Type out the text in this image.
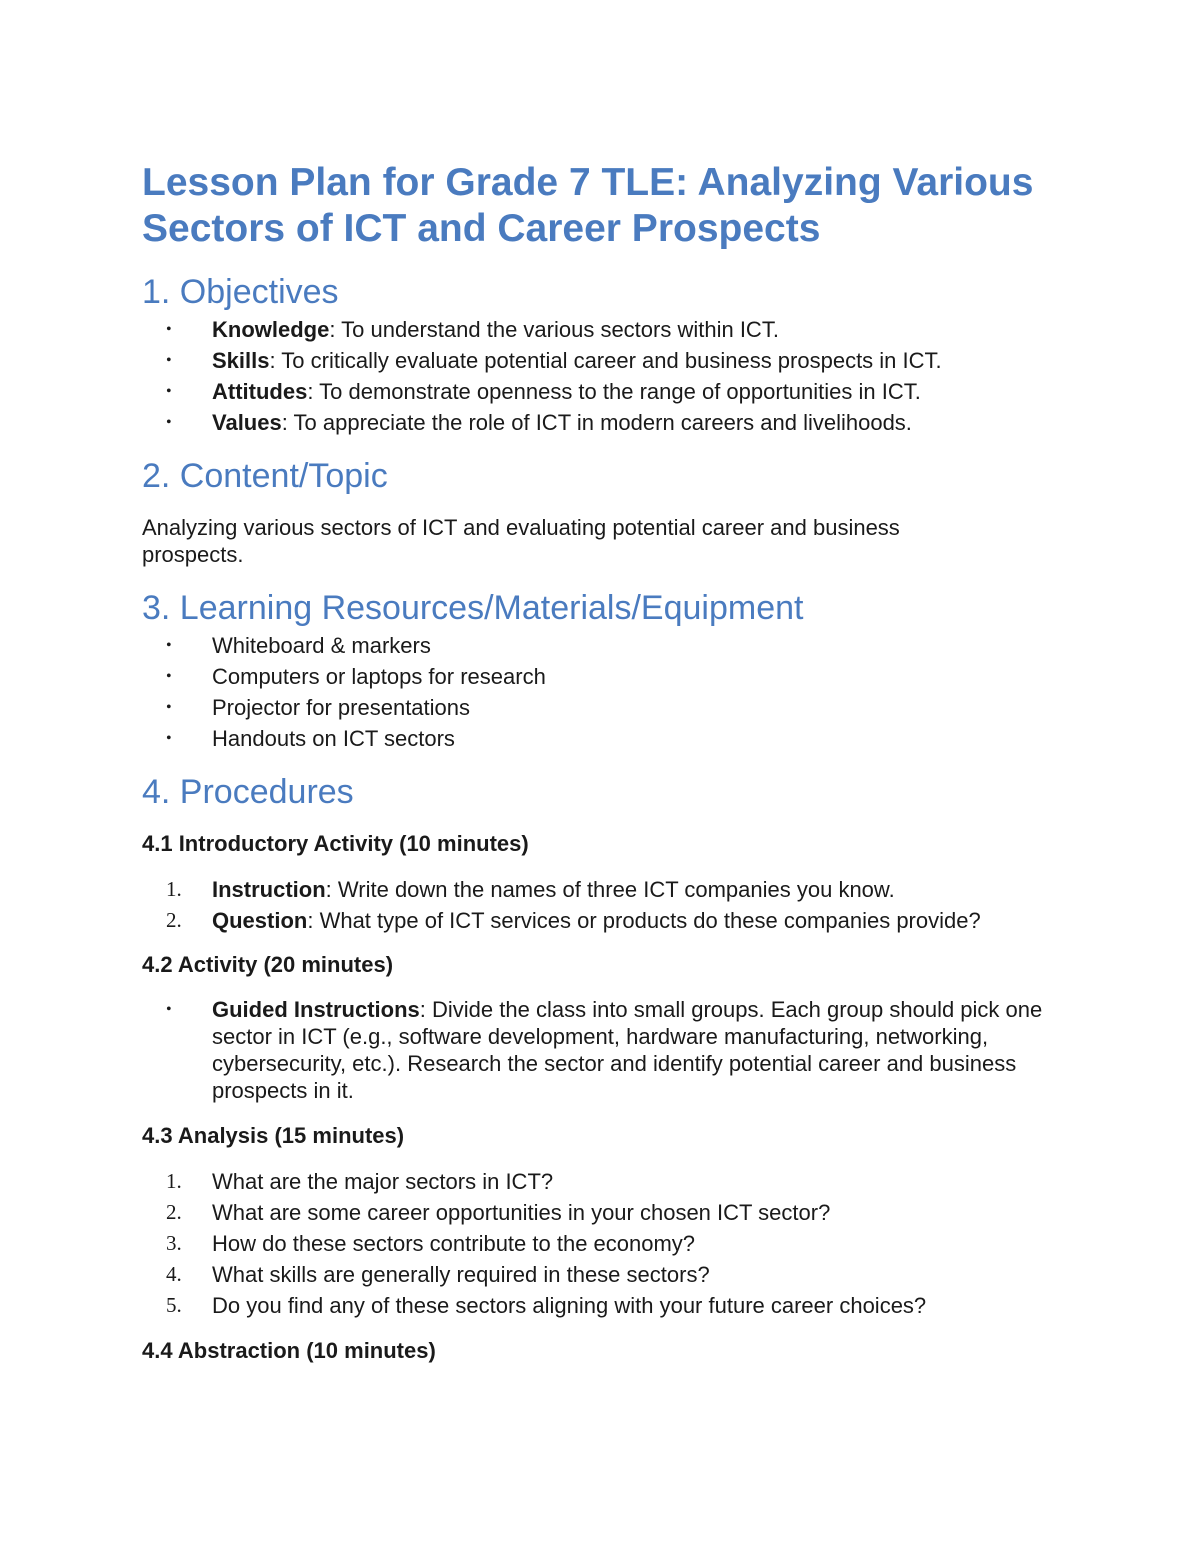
Lesson Plan for Grade 7 TLE: Analyzing Various
Sectors of ICT and Career Prospects
1. Objectives
•	Knowledge: To understand the various sectors within ICT.
•	Skills: To critically evaluate potential career and business prospects in ICT.
•	Attitudes: To demonstrate openness to the range of opportunities in ICT.
•	Values: To appreciate the role of ICT in modern careers and livelihoods.
2. Content/Topic

Analyzing various sectors of ICT and evaluating potential career and business prospects.

3. Learning Resources/Materials/Equipment
•	Whiteboard & markers
•	Computers or laptops for research
•	Projector for presentations
•	Handouts on ICT sectors
4. Procedures
4.1 Introductory Activity (10 minutes)
1.	Instruction: Write down the names of three ICT companies you know.
2.	Question: What type of ICT services or products do these companies provide?
4.2 Activity (20 minutes)
•	Guided Instructions: Divide the class into small groups. Each group should pick one sector in ICT (e.g., software development, hardware manufacturing, networking, cybersecurity, etc.). Research the sector and identify potential career and business prospects in it.
4.3 Analysis (15 minutes)
1.	What are the major sectors in ICT?
2.	What are some career opportunities in your chosen ICT sector?
3.	How do these sectors contribute to the economy?
4.	What skills are generally required in these sectors?
5.	Do you find any of these sectors aligning with your future career choices?
4.4 Abstraction (10 minutes)
